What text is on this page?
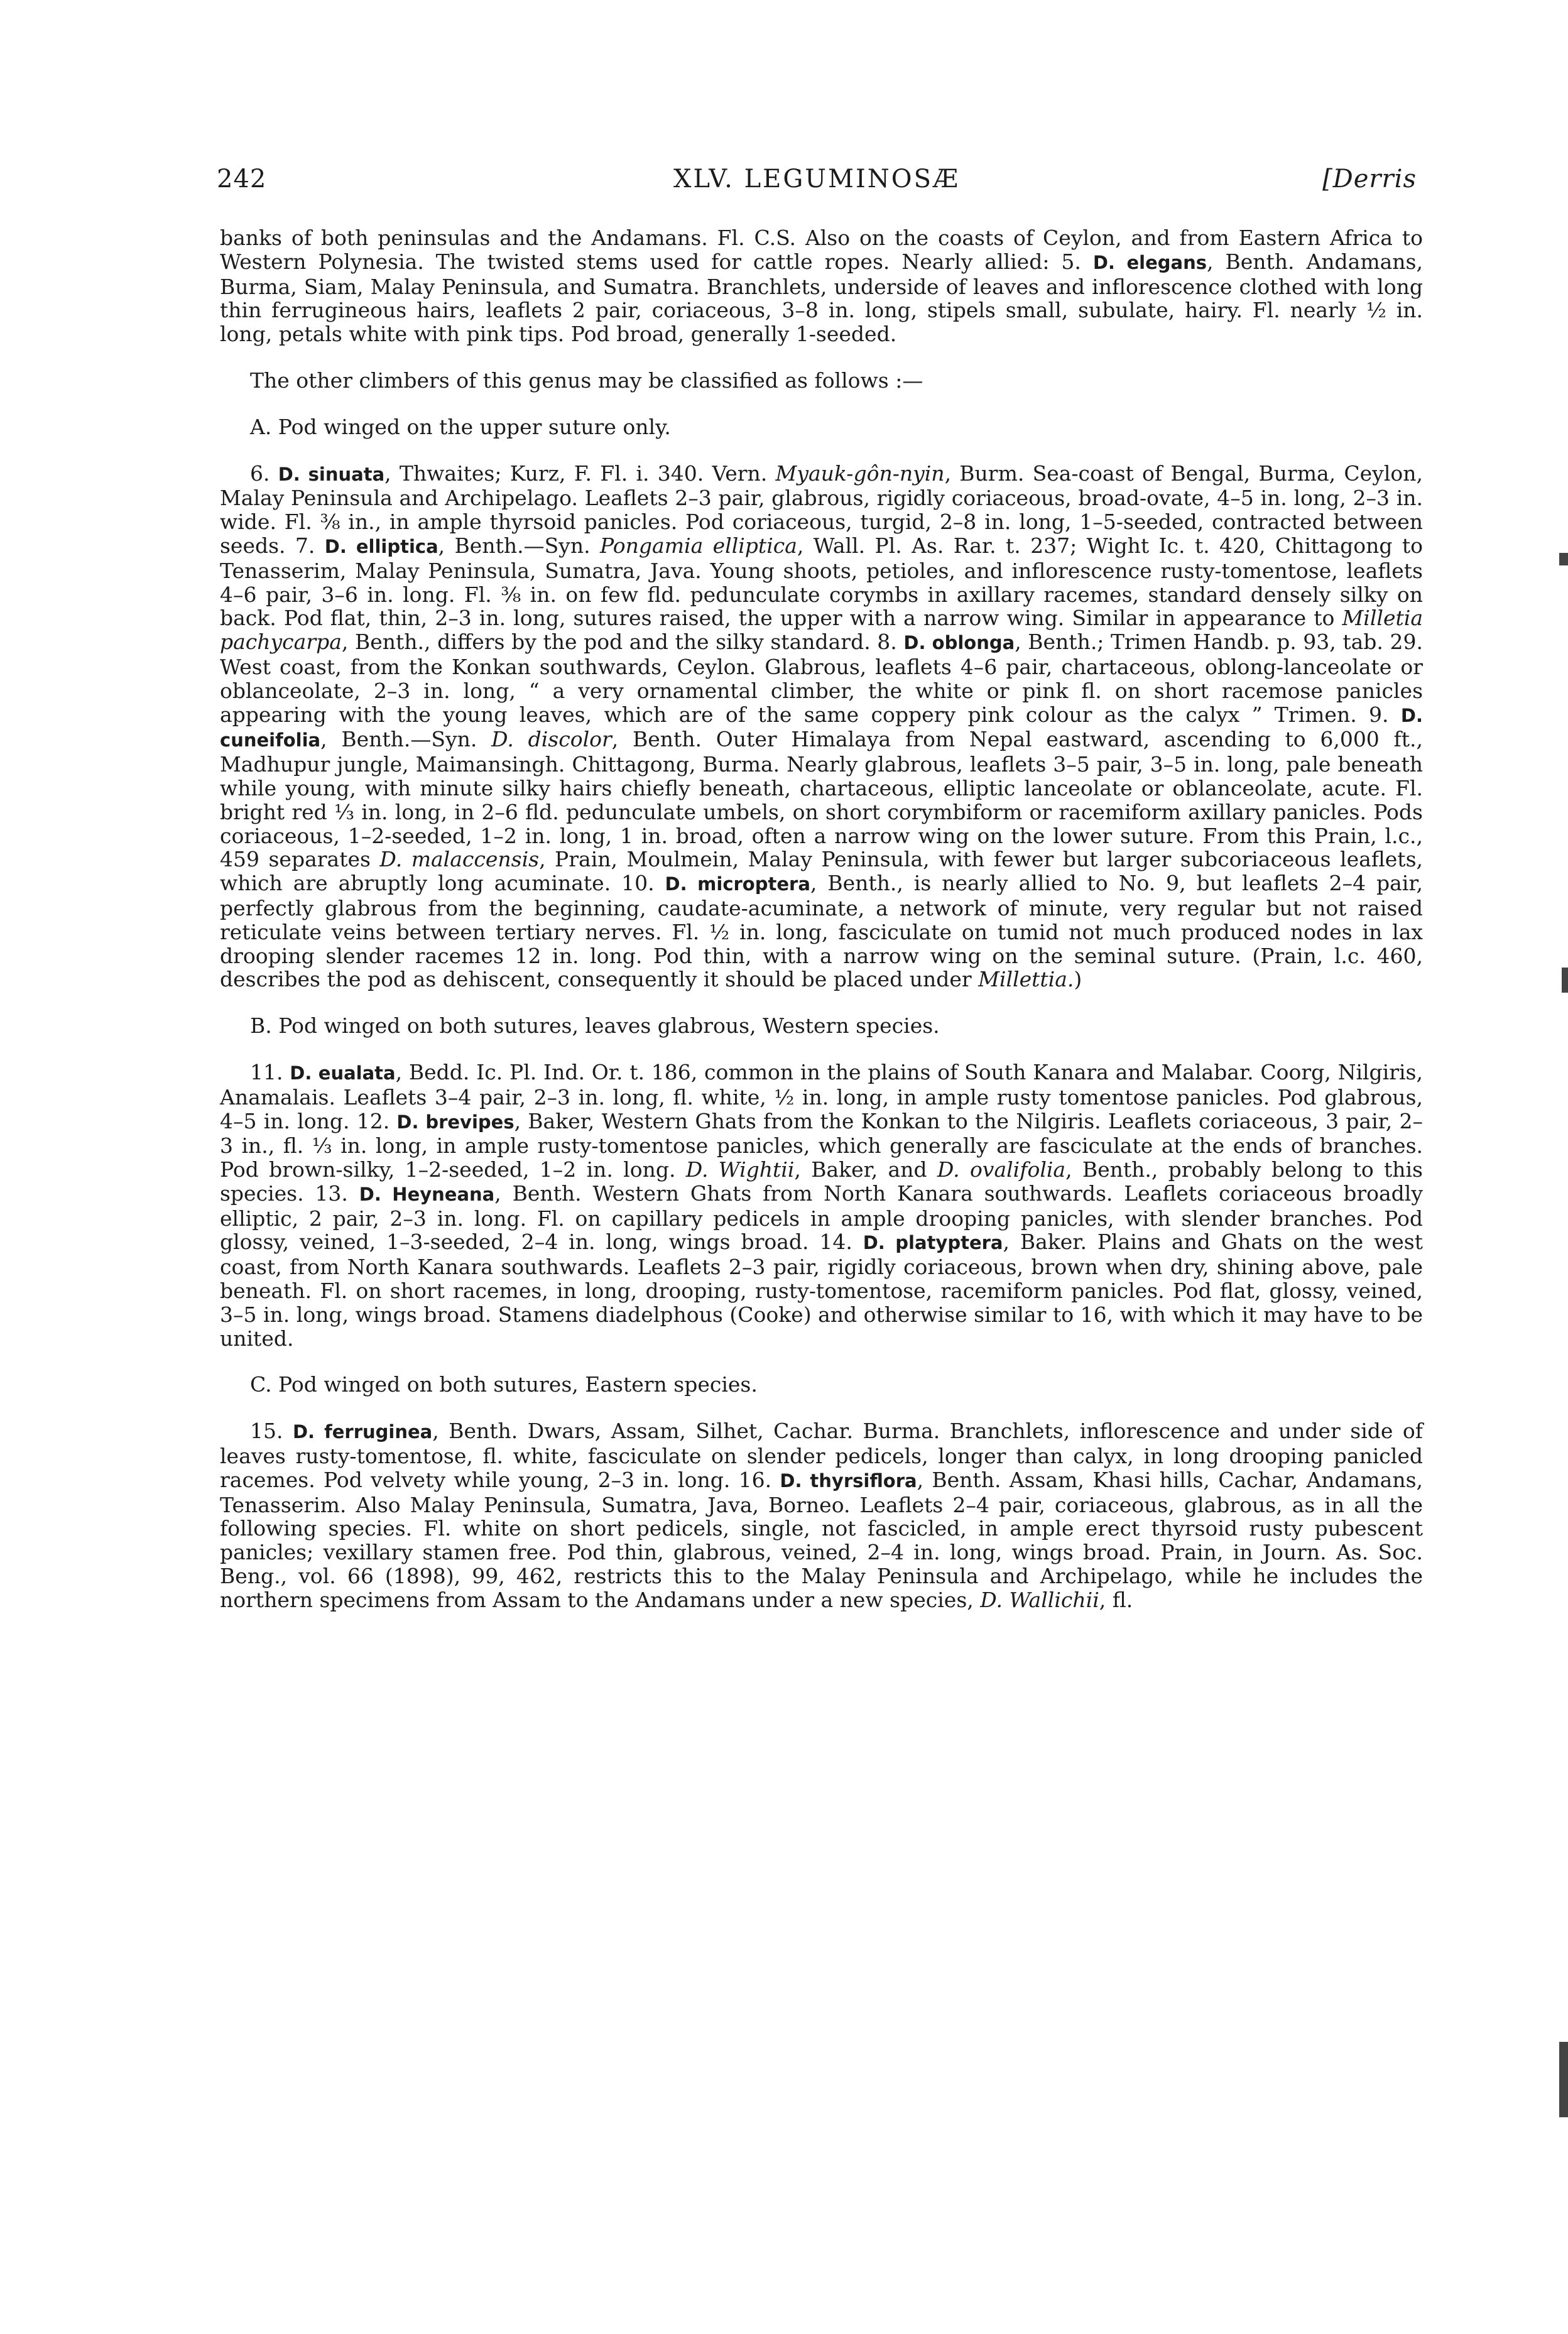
242	XLV. LEGUMINOSÆ	[Derris

banks of both peninsulas and the Andamans. Fl. C.S. Also on the coasts of Ceylon, and from Eastern Africa to Western Polynesia. The twisted stems used for cattle ropes. Nearly allied: 5. D. elegans, Benth. Andamans, Burma, Siam, Malay Peninsula, and Sumatra. Branchlets, underside of leaves and inflorescence clothed with long thin ferrugineous hairs, leaflets 2 pair, coriaceous, 3–8 in. long, stipels small, subulate, hairy. Fl. nearly ½ in. long, petals white with pink tips. Pod broad, generally 1-seeded.

The other climbers of this genus may be classified as follows :—

A. Pod winged on the upper suture only.

6. D. sinuata, Thwaites; Kurz, F. Fl. i. 340. Vern. Myauk-gôn-nyin, Burm. Sea-coast of Bengal, Burma, Ceylon, Malay Peninsula and Archipelago. Leaflets 2–3 pair, glabrous, rigidly coriaceous, broad-ovate, 4–5 in. long, 2–3 in. wide. Fl. ⅜ in., in ample thyrsoid panicles. Pod coriaceous, turgid, 2–8 in. long, 1–5-seeded, contracted between seeds. 7. D. elliptica, Benth.—Syn. Pongamia elliptica, Wall. Pl. As. Rar. t. 237; Wight Ic. t. 420, Chittagong to Tenasserim, Malay Peninsula, Sumatra, Java. Young shoots, petioles, and inflorescence rusty-tomentose, leaflets 4–6 pair, 3–6 in. long. Fl. ⅜ in. on few fld. pedunculate corymbs in axillary racemes, standard densely silky on back. Pod flat, thin, 2–3 in. long, sutures raised, the upper with a narrow wing. Similar in appearance to Milletia pachycarpa, Benth., differs by the pod and the silky standard. 8. D. oblonga, Benth.; Trimen Handb. p. 93, tab. 29. West coast, from the Konkan southwards, Ceylon. Glabrous, leaflets 4–6 pair, chartaceous, oblong-lanceolate or oblanceolate, 2–3 in. long, “ a very ornamental climber, the white or pink fl. on short racemose panicles appearing with the young leaves, which are of the same coppery pink colour as the calyx ” Trimen. 9. D. cuneifolia, Benth.—Syn. D. discolor, Benth. Outer Himalaya from Nepal eastward, ascending to 6,000 ft., Madhupur jungle, Maimansingh. Chittagong, Burma. Nearly glabrous, leaflets 3–5 pair, 3–5 in. long, pale beneath while young, with minute silky hairs chiefly beneath, chartaceous, elliptic lanceolate or oblanceolate, acute. Fl. bright red ⅓ in. long, in 2–6 fld. pedunculate umbels, on short corymbiform or racemiform axillary panicles. Pods coriaceous, 1–2-seeded, 1–2 in. long, 1 in. broad, often a narrow wing on the lower suture. From this Prain, l.c., 459 separates D. malaccensis, Prain, Moulmein, Malay Peninsula, with fewer but larger subcoriaceous leaflets, which are abruptly long acuminate. 10. D. microptera, Benth., is nearly allied to No. 9, but leaflets 2–4 pair, perfectly glabrous from the beginning, caudate-acuminate, a network of minute, very regular but not raised reticulate veins between tertiary nerves. Fl. ½ in. long, fasciculate on tumid not much produced nodes in lax drooping slender racemes 12 in. long. Pod thin, with a narrow wing on the seminal suture. (Prain, l.c. 460, describes the pod as dehiscent, consequently it should be placed under Millettia.)

B. Pod winged on both sutures, leaves glabrous, Western species.

11. D. eualata, Bedd. Ic. Pl. Ind. Or. t. 186, common in the plains of South Kanara and Malabar. Coorg, Nilgiris, Anamalais. Leaflets 3–4 pair, 2–3 in. long, fl. white, ½ in. long, in ample rusty tomentose panicles. Pod glabrous, 4–5 in. long. 12. D. brevipes, Baker, Western Ghats from the Konkan to the Nilgiris. Leaflets coriaceous, 3 pair, 2–3 in., fl. ⅓ in. long, in ample rusty-tomentose panicles, which generally are fasciculate at the ends of branches. Pod brown-silky, 1–2-seeded, 1–2 in. long. D. Wightii, Baker, and D. ovalifolia, Benth., probably belong to this species. 13. D. Heyneana, Benth. Western Ghats from North Kanara southwards. Leaflets coriaceous broadly elliptic, 2 pair, 2–3 in. long. Fl. on capillary pedicels in ample drooping panicles, with slender branches. Pod glossy, veined, 1–3-seeded, 2–4 in. long, wings broad. 14. D. platyptera, Baker. Plains and Ghats on the west coast, from North Kanara southwards. Leaflets 2–3 pair, rigidly coriaceous, brown when dry, shining above, pale beneath. Fl. on short racemes, in long, drooping, rusty-tomentose, racemiform panicles. Pod flat, glossy, veined, 3–5 in. long, wings broad. Stamens diadelphous (Cooke) and otherwise similar to 16, with which it may have to be united.

C. Pod winged on both sutures, Eastern species.

15. D. ferruginea, Benth. Dwars, Assam, Silhet, Cachar. Burma. Branchlets, inflorescence and under side of leaves rusty-tomentose, fl. white, fasciculate on slender pedicels, longer than calyx, in long drooping panicled racemes. Pod velvety while young, 2–3 in. long. 16. D. thyrsiflora, Benth. Assam, Khasi hills, Cachar, Andamans, Tenasserim. Also Malay Peninsula, Sumatra, Java, Borneo. Leaflets 2–4 pair, coriaceous, glabrous, as in all the following species. Fl. white on short pedicels, single, not fascicled, in ample erect thyrsoid rusty pubescent panicles; vexillary stamen free. Pod thin, glabrous, veined, 2–4 in. long, wings broad. Prain, in Journ. As. Soc. Beng., vol. 66 (1898), 99, 462, restricts this to the Malay Peninsula and Archipelago, while he includes the northern specimens from Assam to the Andamans under a new species, D. Wallichii, fl.
